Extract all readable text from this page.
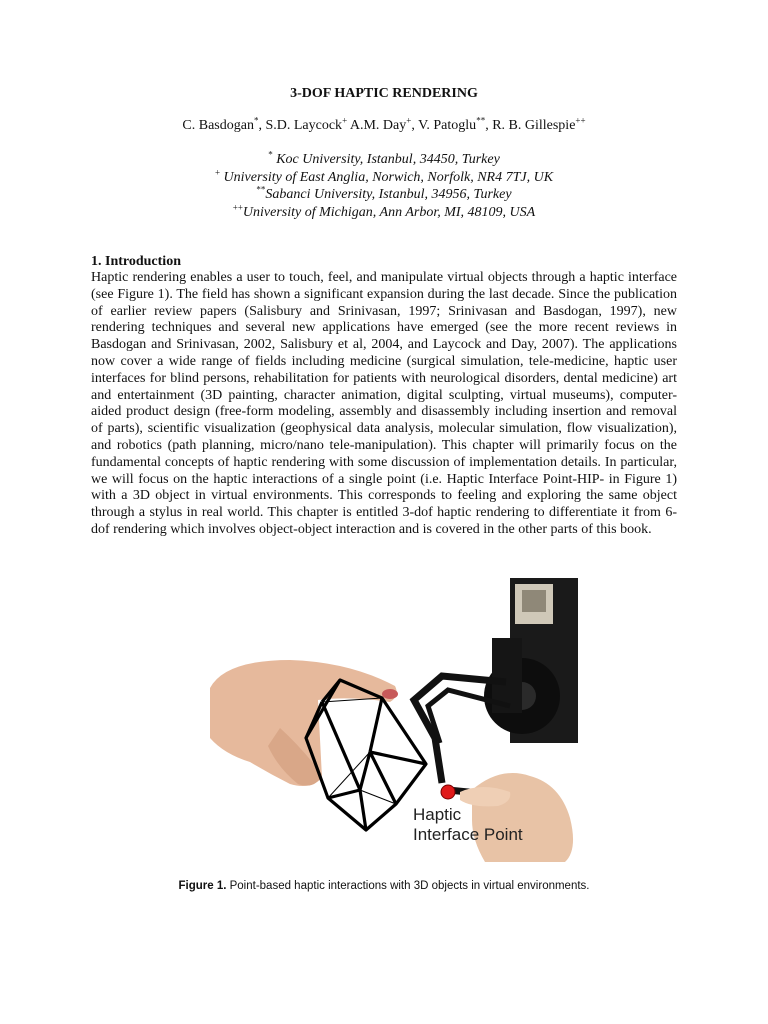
3-DOF HAPTIC RENDERING
C. Basdogan*, S.D. Laycock+ A.M. Day+, V. Patoglu**, R. B. Gillespie++
* Koc University, Istanbul, 34450, Turkey
+ University of East Anglia, Norwich, Norfolk, NR4 7TJ, UK
**Sabanci University, Istanbul, 34956, Turkey
++University of Michigan, Ann Arbor, MI, 48109, USA
1. Introduction

Haptic rendering enables a user to touch, feel, and manipulate virtual objects through a haptic interface (see Figure 1). The field has shown a significant expansion during the last decade. Since the publication of earlier review papers (Salisbury and Srinivasan, 1997; Srinivasan and Basdogan, 1997), new rendering techniques and several new applications have emerged (see the more recent reviews in Basdogan and Srinivasan, 2002, Salisbury et al, 2004, and Laycock and Day, 2007). The applications now cover a wide range of fields including medicine (surgical simulation, tele-medicine, haptic user interfaces for blind persons, rehabilitation for patients with neurological disorders, dental medicine) art and entertainment (3D painting, character animation, digital sculpting, virtual museums), computer-aided product design (free-form modeling, assembly and disassembly including insertion and removal of parts), scientific visualization (geophysical data analysis, molecular simulation, flow visualization), and robotics (path planning, micro/nano tele-manipulation). This chapter will primarily focus on the fundamental concepts of haptic rendering with some discussion of implementation details. In particular, we will focus on the haptic interactions of a single point (i.e. Haptic Interface Point-HIP- in Figure 1) with a 3D object in virtual environments. This corresponds to feeling and exploring the same object through a stylus in real world. This chapter is entitled 3-dof haptic rendering to differentiate it from 6-dof rendering which involves object-object interaction and is covered in the other parts of this book.

Haptic
Interface Point
Figure 1. Point-based haptic interactions with 3D objects in virtual environments.
